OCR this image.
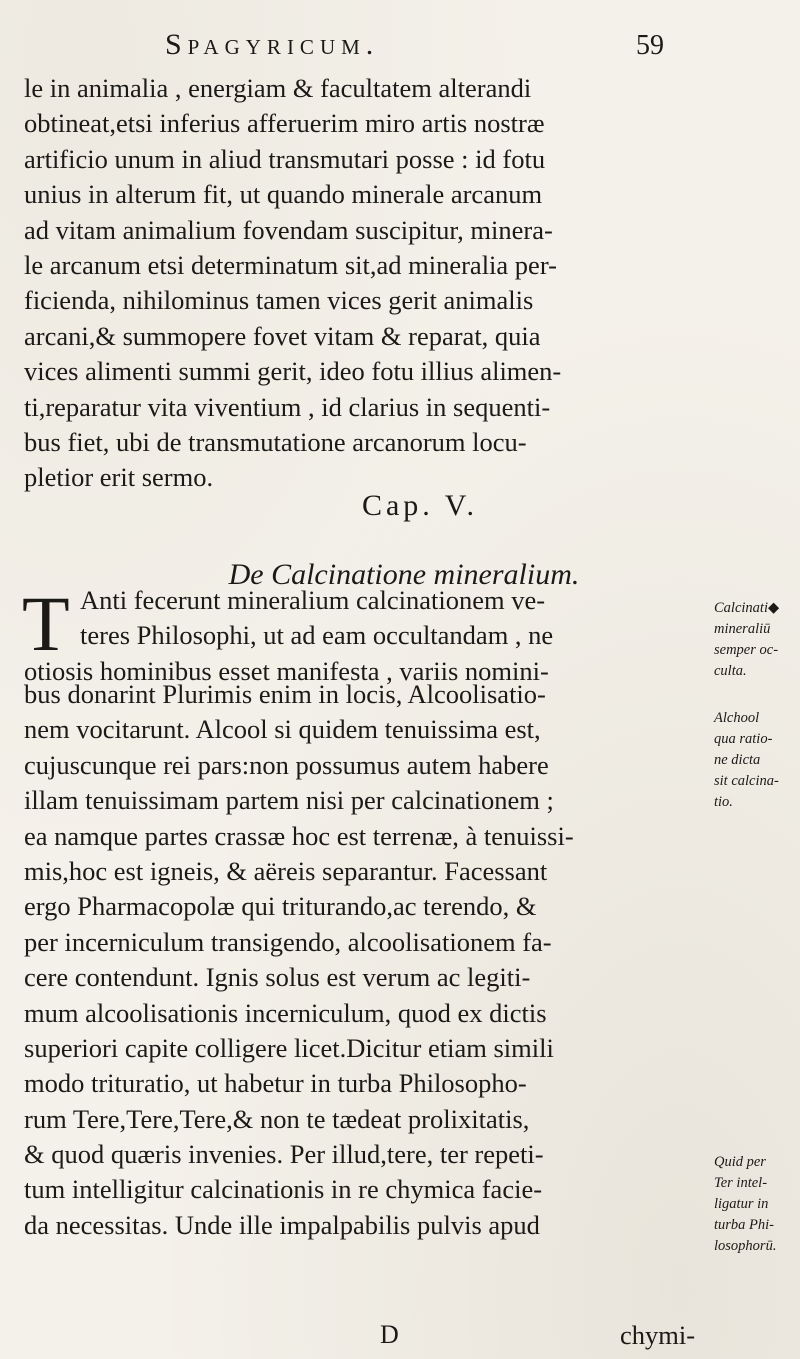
Spagyricum.	59
le in animalia , energiam & facultatem alterandi
obtineat,etsi inferius afferuerim miro artis nostræ
artificio unum in aliud transmutari posse : id fotu
unius in alterum fit, ut quando minerale arcanum
ad vitam animalium fovendam suscipitur, minera-
le arcanum etsi determinatum sit,ad mineralia per-
ficienda, nihilominus tamen vices gerit animalis
arcani,& summopere fovet vitam & reparat, quia
vices alimenti summi gerit, ideo fotu illius alimen-
ti,reparatur vita viventium , id clarius in sequenti-
bus fiet, ubi de transmutatione arcanorum locu-
pletior erit sermo.
Cap. V.
De Calcinatione mineralium.
T Anti fecerunt mineralium calcinationem ve-
teres Philosophi, ut ad eam occultandam , ne
otiosis hominibus esset manifesta , variis nomini-
bus donarint Plurimis enim in locis, Alcoolisatio-
nem vocitarunt. Alcool si quidem tenuissima est,
cujuscunque rei pars:non possumus autem habere
illam tenuissimam partem nisi per calcinationem ;
ea namque partes crassæ hoc est terrenæ, à tenuissi-
mis,hoc est igneis, & aëreis separantur. Facessant
ergo Pharmacopolæ qui triturando,ac terendo, &
per incerniculum transigendo, alcoolisationem fa-
cere contendunt. Ignis solus est verum ac legiti-
mum alcoolisationis incerniculum, quod ex dictis
superiori capite colligere licet.Dicitur etiam simili
modo trituratio, ut habetur in turba Philosopho-
rum Tere,Tere,Tere,& non te tædeat prolixitatis,
& quod quæris invenies. Per illud,tere, ter repeti-
tum intelligitur calcinationis in re chymica facie-
da necessitas. Unde ille impalpabilis pulvis apud
Calcinati◆
mineraliū
semper oc-
culta.
Alchool
qua ratio-
ne dicta
sit calcina-
tio.
Quid per
Ter intel-
ligatur in
turba Phi-
losophorū.
D	chymi-
